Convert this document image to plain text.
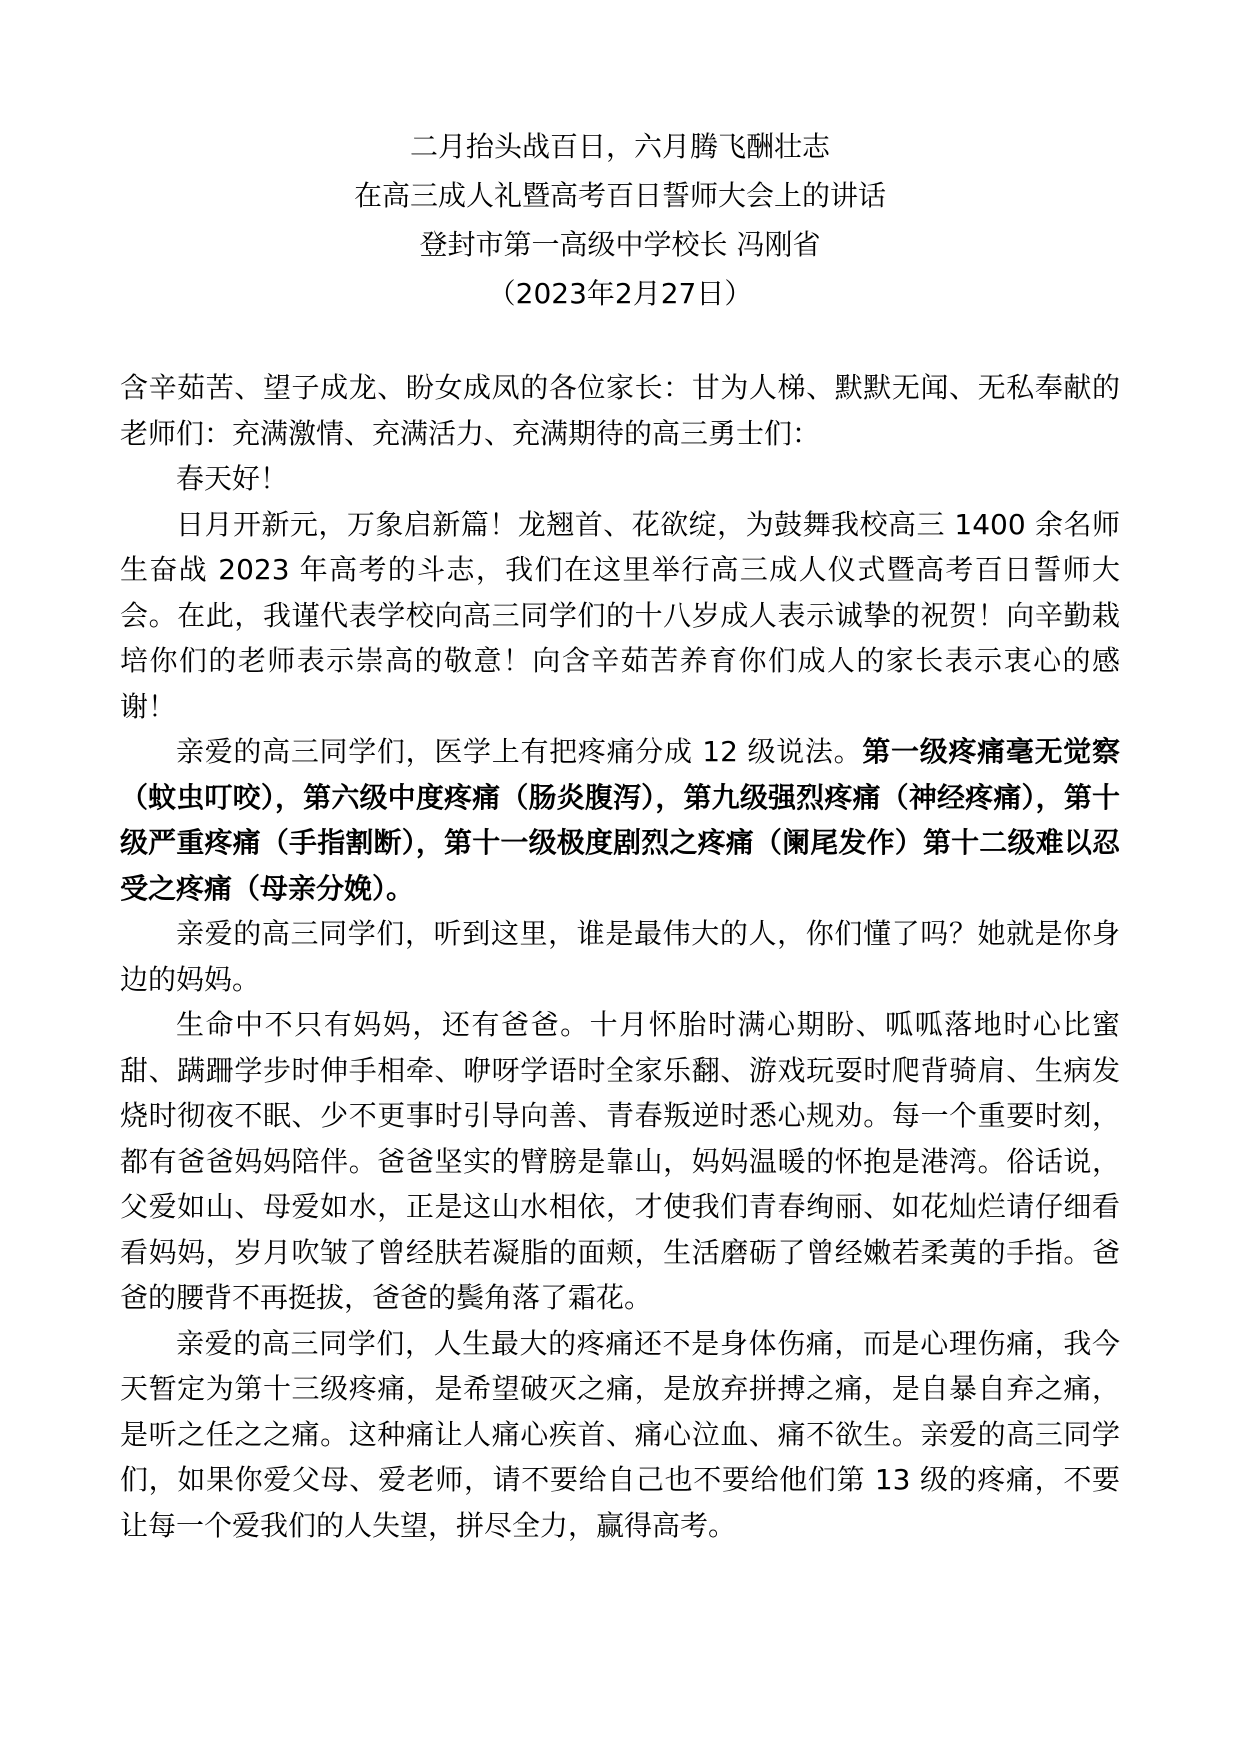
二月抬头战百日，六月腾飞酬壮志
在高三成人礼暨高考百日誓师大会上的讲话
登封市第一高级中学校长 冯刚省
（2023年2月27日）

含辛茹苦、望子成龙、盼女成凤的各位家长：甘为人梯、默默无闻、无私奉献的老师们：充满激情、充满活力、充满期待的高三勇士们：

春天好！

日月开新元，万象启新篇！龙翘首、花欲绽，为鼓舞我校高三 1400 余名师生奋战 2023 年高考的斗志，我们在这里举行高三成人仪式暨高考百日誓师大会。在此，我谨代表学校向高三同学们的十八岁成人表示诚挚的祝贺！向辛勤栽培你们的老师表示崇高的敬意！向含辛茹苦养育你们成人的家长表示衷心的感谢！

亲爱的高三同学们，医学上有把疼痛分成 12 级说法。第一级疼痛毫无觉察（蚊虫叮咬），第六级中度疼痛（肠炎腹泻），第九级强烈疼痛（神经疼痛），第十级严重疼痛（手指割断），第十一级极度剧烈之疼痛（阑尾发作）第十二级难以忍受之疼痛（母亲分娩）。

亲爱的高三同学们，听到这里，谁是最伟大的人，你们懂了吗？她就是你身边的妈妈。

生命中不只有妈妈，还有爸爸。十月怀胎时满心期盼、呱呱落地时心比蜜甜、蹒跚学步时伸手相牵、咿呀学语时全家乐翻、游戏玩耍时爬背骑肩、生病发烧时彻夜不眠、少不更事时引导向善、青春叛逆时悉心规劝。每一个重要时刻，都有爸爸妈妈陪伴。爸爸坚实的臂膀是靠山，妈妈温暖的怀抱是港湾。俗话说，父爱如山、母爱如水，正是这山水相依，才使我们青春绚丽、如花灿烂请仔细看看妈妈，岁月吹皱了曾经肤若凝脂的面颊，生活磨砺了曾经嫩若柔荑的手指。爸爸的腰背不再挺拔，爸爸的鬓角落了霜花。

亲爱的高三同学们，人生最大的疼痛还不是身体伤痛，而是心理伤痛，我今天暂定为第十三级疼痛，是希望破灭之痛，是放弃拼搏之痛，是自暴自弃之痛，是听之任之之痛。这种痛让人痛心疾首、痛心泣血、痛不欲生。亲爱的高三同学们，如果你爱父母、爱老师，请不要给自己也不要给他们第 13 级的疼痛，不要让每一个爱我们的人失望，拼尽全力，赢得高考。
